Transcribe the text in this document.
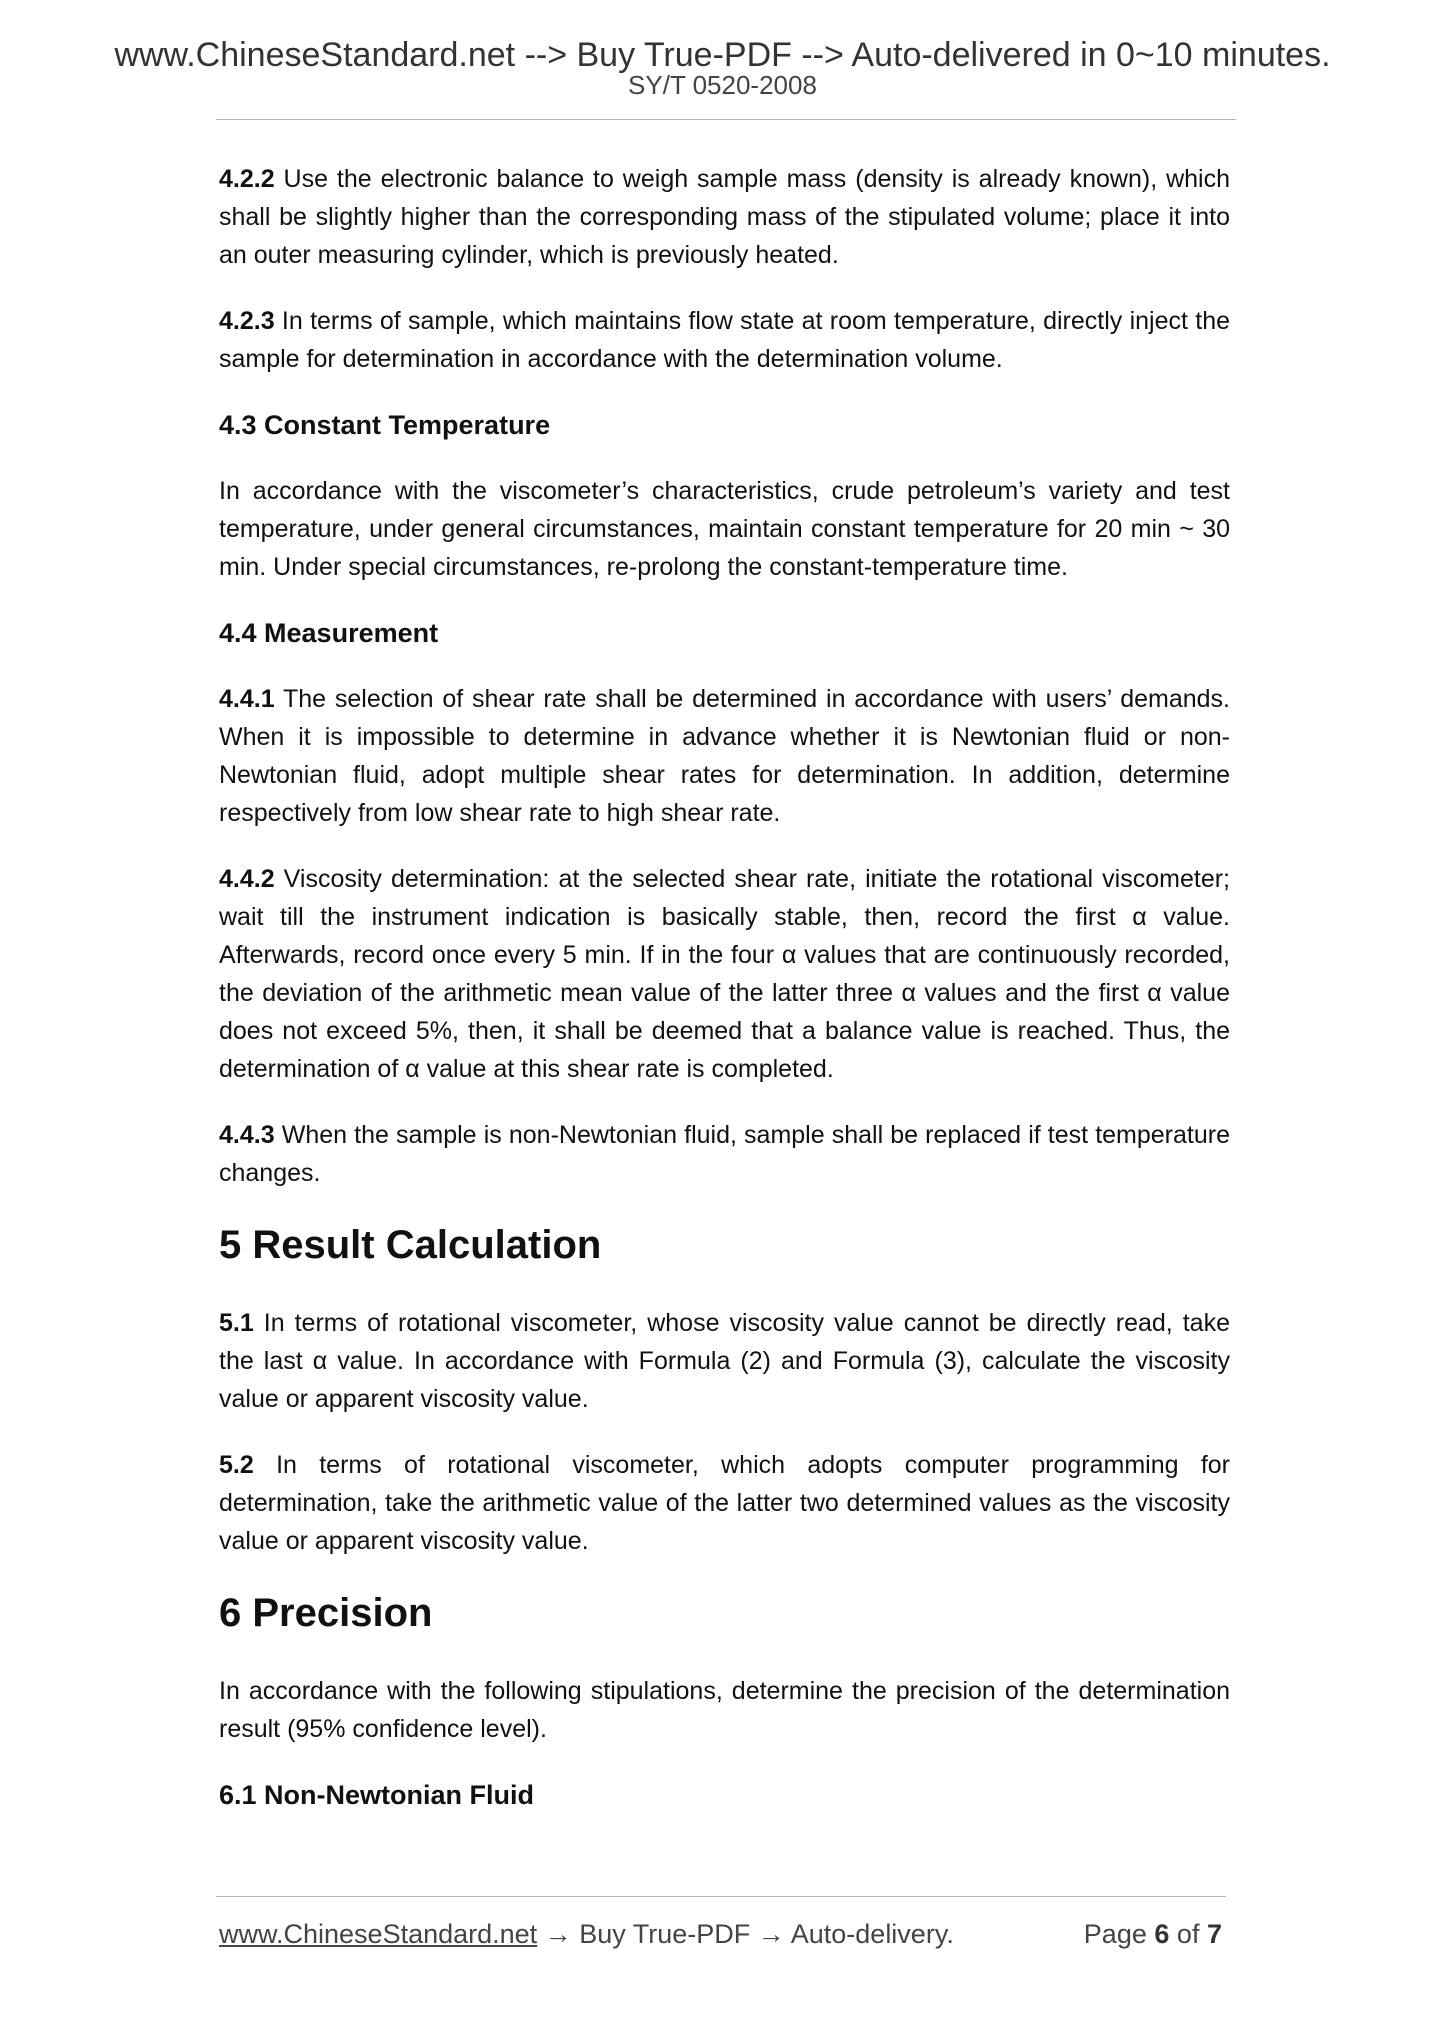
www.ChineseStandard.net --> Buy True-PDF --> Auto-delivered in 0~10 minutes.
SY/T 0520-2008

4.2.2 Use the electronic balance to weigh sample mass (density is already known), which shall be slightly higher than the corresponding mass of the stipulated volume; place it into an outer measuring cylinder, which is previously heated.

4.2.3 In terms of sample, which maintains flow state at room temperature, directly inject the sample for determination in accordance with the determination volume.

4.3 Constant Temperature

In accordance with the viscometer’s characteristics, crude petroleum’s variety and test temperature, under general circumstances, maintain constant temperature for 20 min ~ 30 min. Under special circumstances, re-prolong the constant-temperature time.

4.4 Measurement

4.4.1 The selection of shear rate shall be determined in accordance with users’ demands. When it is impossible to determine in advance whether it is Newtonian fluid or non-Newtonian fluid, adopt multiple shear rates for determination. In addition, determine respectively from low shear rate to high shear rate.

4.4.2 Viscosity determination: at the selected shear rate, initiate the rotational viscometer; wait till the instrument indication is basically stable, then, record the first α value. Afterwards, record once every 5 min. If in the four α values that are continuously recorded, the deviation of the arithmetic mean value of the latter three α values and the first α value does not exceed 5%, then, it shall be deemed that a balance value is reached. Thus, the determination of α value at this shear rate is completed.

4.4.3 When the sample is non-Newtonian fluid, sample shall be replaced if test temperature changes.

5 Result Calculation

5.1 In terms of rotational viscometer, whose viscosity value cannot be directly read, take the last α value. In accordance with Formula (2) and Formula (3), calculate the viscosity value or apparent viscosity value.

5.2 In terms of rotational viscometer, which adopts computer programming for determination, take the arithmetic value of the latter two determined values as the viscosity value or apparent viscosity value.

6 Precision

In accordance with the following stipulations, determine the precision of the determination result (95% confidence level).

6.1 Non-Newtonian Fluid
www.ChineseStandard.net → Buy True-PDF → Auto-delivery.	Page 6 of 7
